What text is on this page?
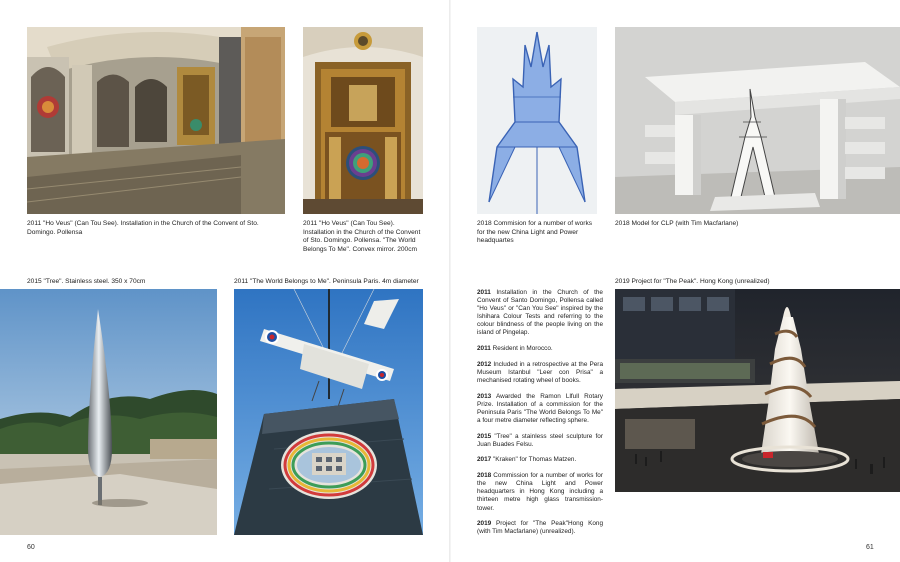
2011 "Ho Veus" (Can Tou See). Installation in the Church of the Convent of Sto. Domingo. Pollensa
2011 "Ho Veus" (Can Tou See). Installation in the Church of the Convent of Sto. Domingo. Pollensa. "The World Belongs To Me". Convex mirror. 200cm
2015 "Tree". Stainless steel. 350 x 70cm	2011 "The World Belongs to Me". Peninsula Paris. 4m diameter
60
2018 Commision for a number of works for the new China Light and Power headquartes
2018 Model for CLP (with Tim Macfarlane)

2011 Installation in the Church of the Convent of Santo Domingo, Pollensa called "Ho Veus" or "Can You See" inspired by the Ishihara Colour Tests and referring to the colour blindness of the people living on the island of Pingelap.

2011 Resident in Morocco.

2012 Included in a retrospective at the Pera Museum Istanbul "Leer con Prisa" a mechanised rotating wheel of books.

2013 Awarded the Ramon Llfull Rotary Prize. Installation of a commission for the Peninsula Paris "The World Belongs To Me" a four metre diameter reflecting sphere.

2015 "Tree" a stainless steel sculpture for Juan Buades Felsu.

2017 "Kraken" for Thomas Matzen.

2018 Commission for a number of works for the new China Light and Power headquarters in Hong Kong including a thirteen metre high glass transmission-tower.

2019 Project for "The Peak"Hong Kong (with Tim Macfarlane) (unrealized).

2019 Project for "The Peak". Hong Kong (unrealized)
61
